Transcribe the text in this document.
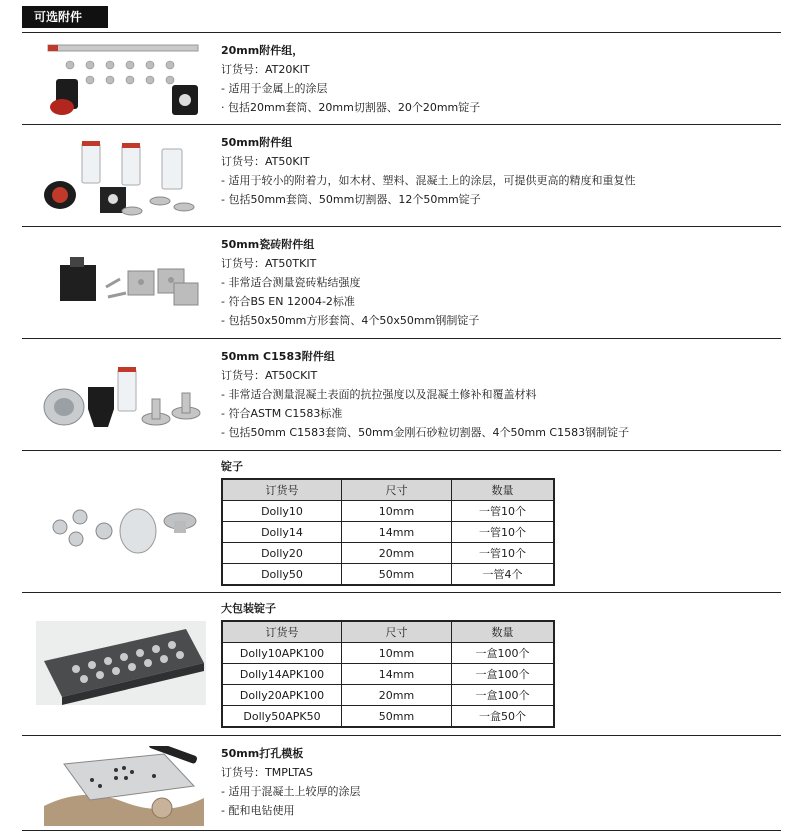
可选附件
20mm附件组，
订货号：AT20KIT
- 适用于金属上的涂层
· 包括20mm套筒、20mm切割器、20个20mm锭子
50mm附件组
订货号：AT50KIT
- 适用于较小的附着力，如木材、塑料、混凝土上的涂层，可提供更高的精度和重复性
- 包括50mm套筒、50mm切割器、12个50mm锭子
50mm瓷砖附件组
订货号：AT50TKIT
- 非常适合测量瓷砖粘结强度
- 符合BS EN 12004-2标准
- 包括50x50mm方形套筒、4个50x50mm钢制锭子
50mm C1583附件组
订货号：AT50CKIT
- 非常适合测量混凝土表面的抗拉强度以及混凝土修补和覆盖材料
- 符合ASTM C1583标准
- 包括50mm C1583套筒、50mm金刚石砂粒切割器、4个50mm C1583钢制锭子
锭子
订货号	尺寸	数量
Dolly10	10mm	一管10个
Dolly14	14mm	一管10个
Dolly20	20mm	一管10个
Dolly50	50mm	一管4个
大包装锭子
订货号	尺寸	数量
Dolly10APK100	10mm	一盒100个
Dolly14APK100	14mm	一盒100个
Dolly20APK100	20mm	一盒100个
Dolly50APK50	50mm	一盒50个
50mm打孔模板
订货号：TMPLTAS
- 适用于混凝土上较厚的涂层
- 配和电钻使用
